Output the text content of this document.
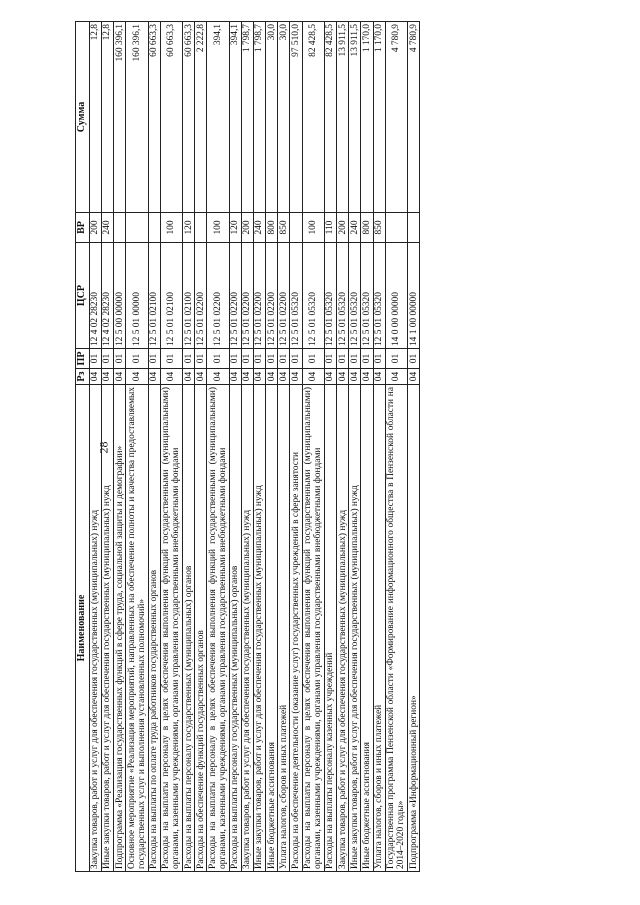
28
Наименование	Рз	ПР	ЦСР	ВР	Сумма
Закупка товаров, работ и услуг для обеспечения государственных (муниципальных) нужд	04	01	12 4 02 28230	200	12,8
Иные закупки товаров, работ и услуг для обеспечения государственных (муниципальных) нужд	04	01	12 4 02 28230	240	12,8
Подпрограмма «Реализация государственных функций в сфере труда, социальной защиты и демографии»	04	01	12 5 00 00000		160 396,1
Основное мероприятие «Реализация мероприятий, направленных на обеспечение полноты и качества предоставляемых государственных услуг и выполнения установленных полномочий»	04	01	12 5 01 00000		160 396,1
Расходы на выплаты по оплате труда работников государственных органов	04	01	12 5 01 02100		60 663,3
Расходы на выплаты персоналу в целях обеспечения выполнения функций государственными (муниципальными) органами, казенными учреждениями, органами управления государственными внебюджетными фондами	04	01	12 5 01 02100	100	60 663,3
Расходы на выплаты персоналу государственных (муниципальных) органов	04	01	12 5 01 02100	120	60 663,3
Расходы на обеспечение функций государственных органов	04	01	12 5 01 02200		2 222,8
Расходы на выплаты персоналу в целях обеспечения выполнения функций государственными (муниципальными) органами, казенными учреждениями, органами управления государственными внебюджетными фондами	04	01	12 5 01 02200	100	394,1
Расходы на выплаты персоналу государственных (муниципальных) органов	04	01	12 5 01 02200	120	394,1
Закупка товаров, работ и услуг для обеспечения государственных (муниципальных) нужд	04	01	12 5 01 02200	200	1 798,7
Иные закупки товаров, работ и услуг для обеспечения государственных (муниципальных) нужд	04	01	12 5 01 02200	240	1 798,7
Иные бюджетные ассигнования	04	01	12 5 01 02200	800	30,0
Уплата налогов, сборов и иных платежей	04	01	12 5 01 02200	850	30,0
Расходы на обеспечение деятельности (оказание услуг) государственных учреждений в сфере занятости	04	01	12 5 01 05320		97 510,0
Расходы на выплаты персоналу в целях обеспечения выполнения функций государственными (муниципальными) органами, казенными учреждениями, органами управления государственными внебюджетными фондами	04	01	12 5 01 05320	100	82 428,5
Расходы на выплаты персоналу казенных учреждений	04	01	12 5 01 05320	110	82 428,5
Закупка товаров, работ и услуг для обеспечения государственных (муниципальных) нужд	04	01	12 5 01 05320	200	13 911,5
Иные закупки товаров, работ и услуг для обеспечения государственных (муниципальных) нужд	04	01	12 5 01 05320	240	13 911,5
Иные бюджетные ассигнования	04	01	12 5 01 05320	800	1 170,0
Уплата налогов, сборов и иных платежей	04	01	12 5 01 05320	850	1 170,0
Государственная программа Пензенской области «Формирование информационного общества в Пензенской области на 2014–2020 годы»	04	01	14 0 00 00000		4 780,9
Подпрограмма «Информационный регион»	04	01	14 1 00 00000		4 780,9
